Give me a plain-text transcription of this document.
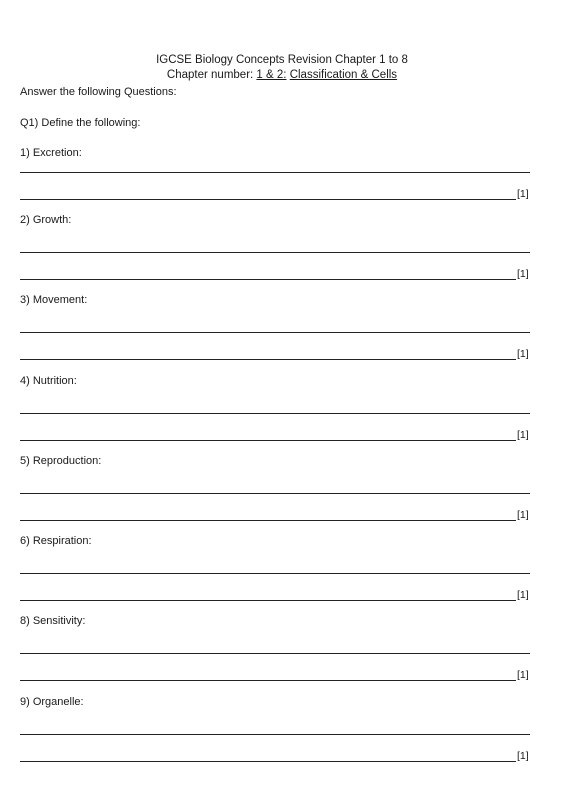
IGCSE Biology Concepts Revision Chapter 1 to 8
Chapter number: 1 & 2: Classification & Cells
Answer the following Questions:
Q1) Define the following:
1) Excretion:
[1]
2) Growth:
[1]
3) Movement:
[1]
4) Nutrition:
[1]
5) Reproduction:
[1]
6) Respiration:
[1]
8) Sensitivity:
[1]
9) Organelle:
[1]
